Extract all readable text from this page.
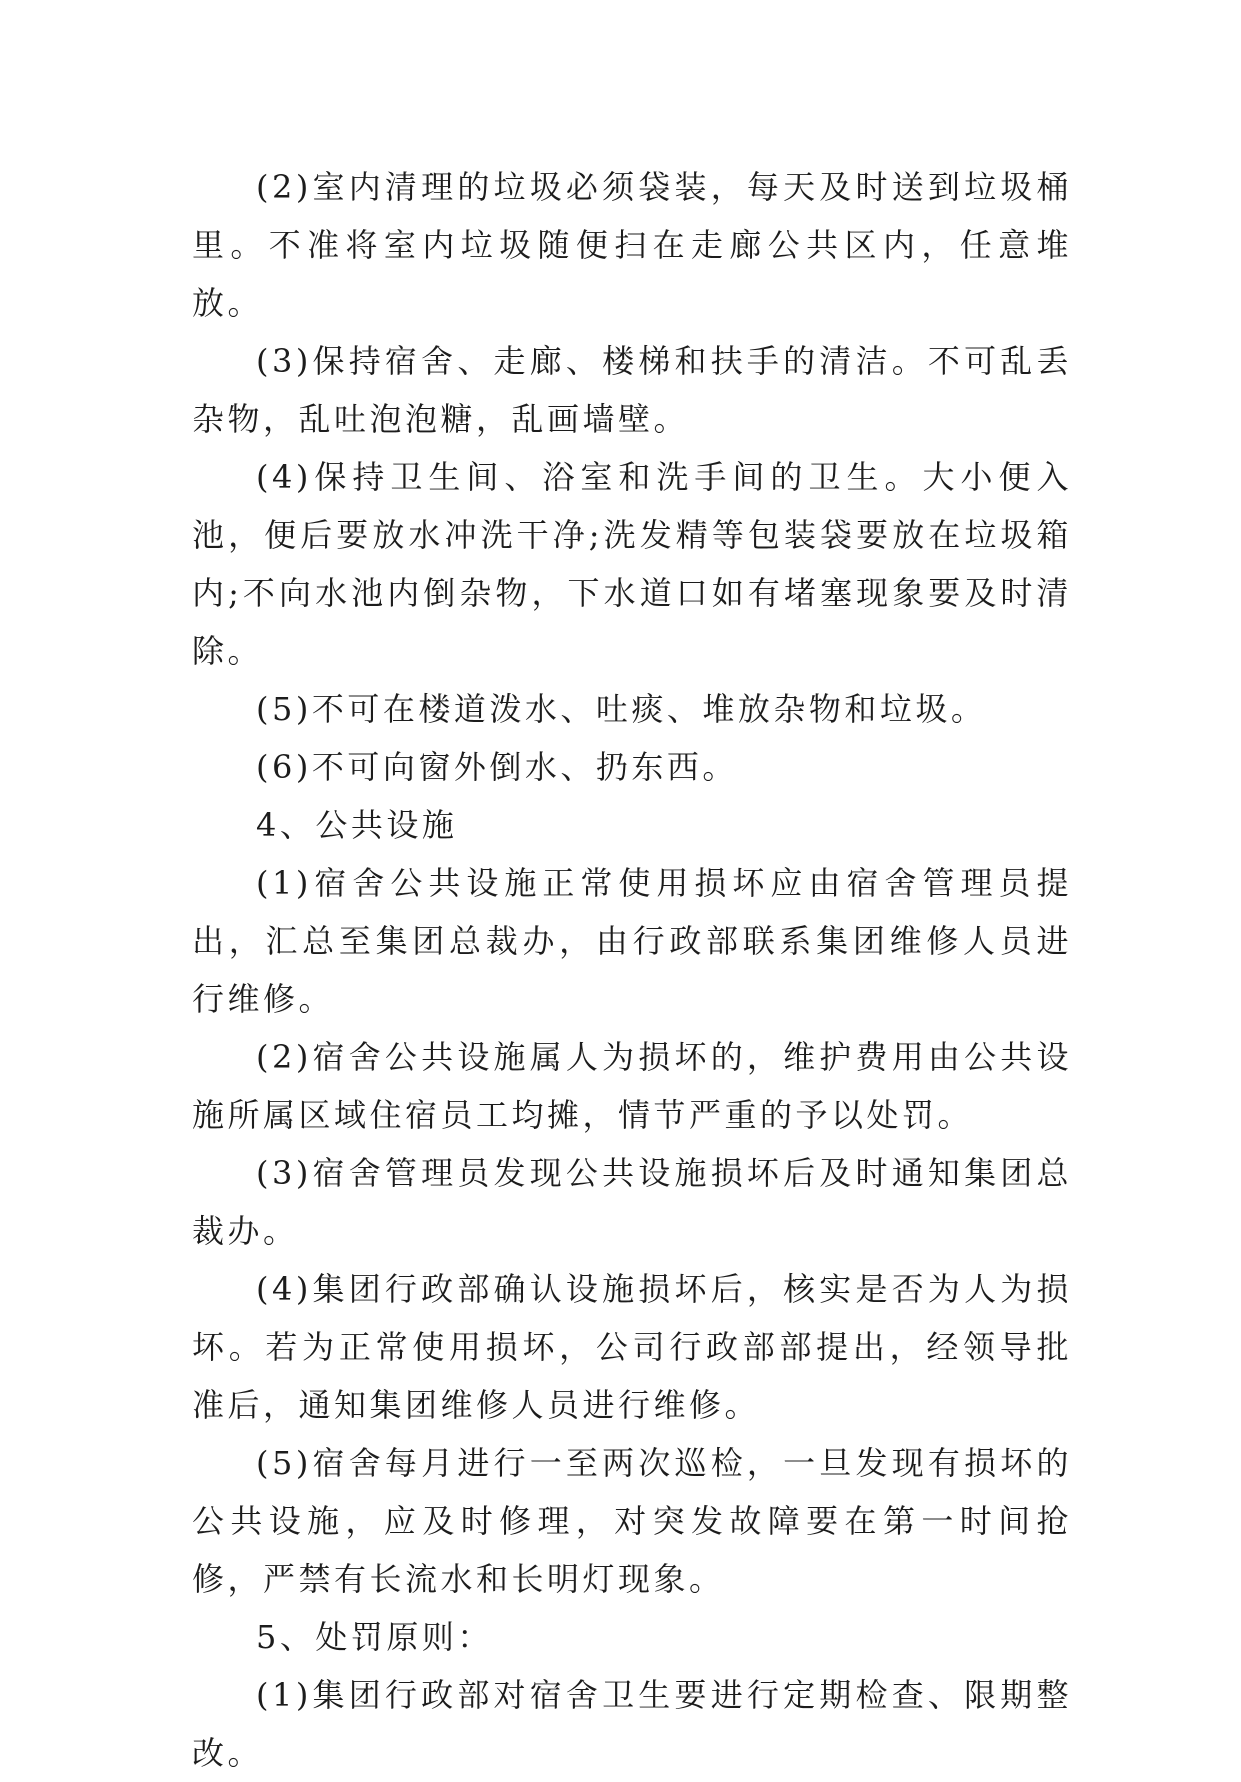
(2)室内清理的垃圾必须袋装，每天及时送到垃圾桶里。不准将室内垃圾随便扫在走廊公共区内，任意堆放。

(3)保持宿舍、走廊、楼梯和扶手的清洁。不可乱丢杂物，乱吐泡泡糖，乱画墙壁。

(4)保持卫生间、浴室和洗手间的卫生。大小便入池，便后要放水冲洗干净;洗发精等包装袋要放在垃圾箱内;不向水池内倒杂物，下水道口如有堵塞现象要及时清除。

(5)不可在楼道泼水、吐痰、堆放杂物和垃圾。

(6)不可向窗外倒水、扔东西。

4、公共设施

(1)宿舍公共设施正常使用损坏应由宿舍管理员提出，汇总至集团总裁办，由行政部联系集团维修人员进行维修。

(2)宿舍公共设施属人为损坏的，维护费用由公共设施所属区域住宿员工均摊，情节严重的予以处罚。

(3)宿舍管理员发现公共设施损坏后及时通知集团总裁办。

(4)集团行政部确认设施损坏后，核实是否为人为损坏。若为正常使用损坏，公司行政部部提出，经领导批准后，通知集团维修人员进行维修。

(5)宿舍每月进行一至两次巡检，一旦发现有损坏的公共设施，应及时修理，对突发故障要在第一时间抢修，严禁有长流水和长明灯现象。

5、处罚原则：

(1)集团行政部对宿舍卫生要进行定期检查、限期整改。
